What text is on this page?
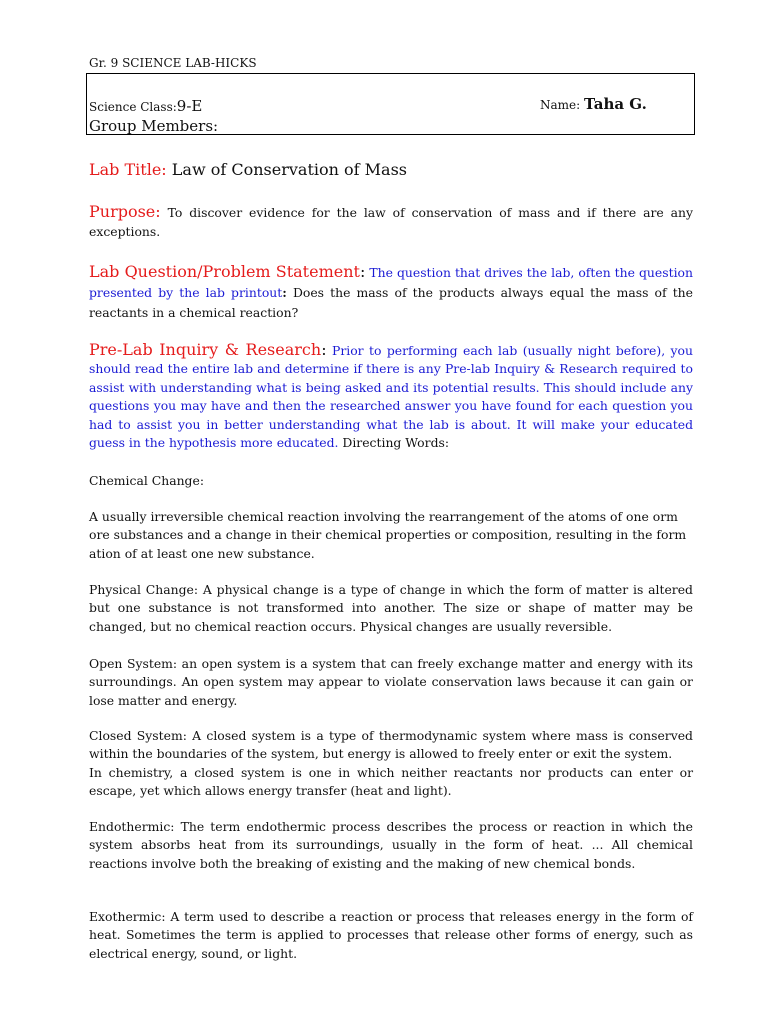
Gr. 9 SCIENCE LAB-HICKS
Science Class:9-E	Name: Taha G.
Group Members:
Lab Title: Law of Conservation of Mass
Purpose: To discover evidence for the law of conservation of mass and if there are any exceptions.
Lab Question/Problem Statement: The question that drives the lab, often the question presented by the lab printout: Does the mass of the products always equal the mass of the reactants in a chemical reaction?
Pre-Lab Inquiry & Research: Prior to performing each lab (usually night before), you should read the entire lab and determine if there is any Pre-lab Inquiry & Research required to assist with understanding what is being asked and its potential results. This should include any questions you may have and then the researched answer you have found for each question you had to assist you in better understanding what the lab is about. It will make your educated guess in the hypothesis more educated. Directing Words:

Chemical Change:

A usually irreversible chemical reaction involving the rearrangement of the atoms of one orm ore substances and a change in their chemical properties or composition, resulting in the form ation of at least one new substance.

Physical Change: A physical change is a type of change in which the form of matter is altered but one substance is not transformed into another. The size or shape of matter may be changed, but no chemical reaction occurs. Physical changes are usually reversible.

Open System: an open system is a system that can freely exchange matter and energy with its surroundings. An open system may appear to violate conservation laws because it can gain or lose matter and energy.

Closed System: A closed system is a type of thermodynamic system where mass is conserved within the boundaries of the system, but energy is allowed to freely enter or exit the system.

In chemistry, a closed system is one in which neither reactants nor products can enter or escape, yet which allows energy transfer (heat and light).

Endothermic: The term endothermic process describes the process or reaction in which the system absorbs heat from its surroundings, usually in the form of heat. ... All chemical reactions involve both the breaking of existing and the making of new chemical bonds.

Exothermic: A term used to describe a reaction or process that releases energy in the form of heat. Sometimes the term is applied to processes that release other forms of energy, such as electrical energy, sound, or light.
